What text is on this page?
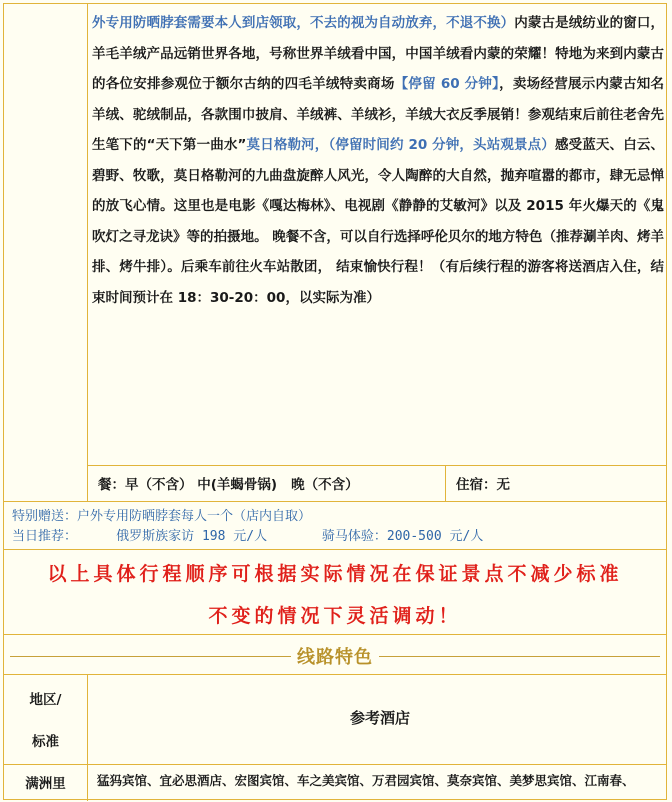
外专用防晒脖套需要本人到店领取，不去的视为自动放弃，不退不换）内蒙古是绒纺业的窗口，羊毛羊绒产品远销世界各地，号称世界羊绒看中国，中国羊绒看内蒙的荣耀！特地为来到内蒙古的各位安排参观位于额尔古纳的四毛羊绒特卖商场【停留 60 分钟】，卖场经营展示内蒙古知名羊绒、驼绒制品，各款围巾披肩、羊绒裤、羊绒衫，羊绒大衣反季展销！参观结束后前往老舍先生笔下的“天下第一曲水”莫日格勒河，（停留时间约 20 分钟，头站观景点）感受蓝天、白云、碧野、牧歌，莫日格勒河的九曲盘旋醉人风光，令人陶醉的大自然，抛弃喧嚣的都市，肆无忌惮的放飞心情。这里也是电影《嘎达梅林》、电视剧《静静的艾敏河》以及 2015 年火爆天的《鬼吹灯之寻龙诀》等的拍摄地。 晚餐不含，可以自行选择呼伦贝尔的地方特色（推荐涮羊肉、烤羊排、烤牛排）。后乘车前往火车站散团， 结束愉快行程！（有后续行程的游客将送酒店入住，结束时间预计在 18：30-20：00，以实际为准）
餐：早（不含） 中(羊蝎骨锅)   晚（不含）	住宿：无
特别赠送：户外专用防晒脖套每人一个（店内自取）
当日推荐：     俄罗斯族家访 198 元/人       骑马体验：200-500 元/人
以上具体行程顺序可根据实际情况在保证景点不减少标准
不变的情况下灵活调动！
线路特色
地区/
标准
参考酒店
满洲里	猛犸宾馆、宜必思酒店、宏图宾馆、车之美宾馆、万君园宾馆、莫奈宾馆、美梦思宾馆、江南春、
